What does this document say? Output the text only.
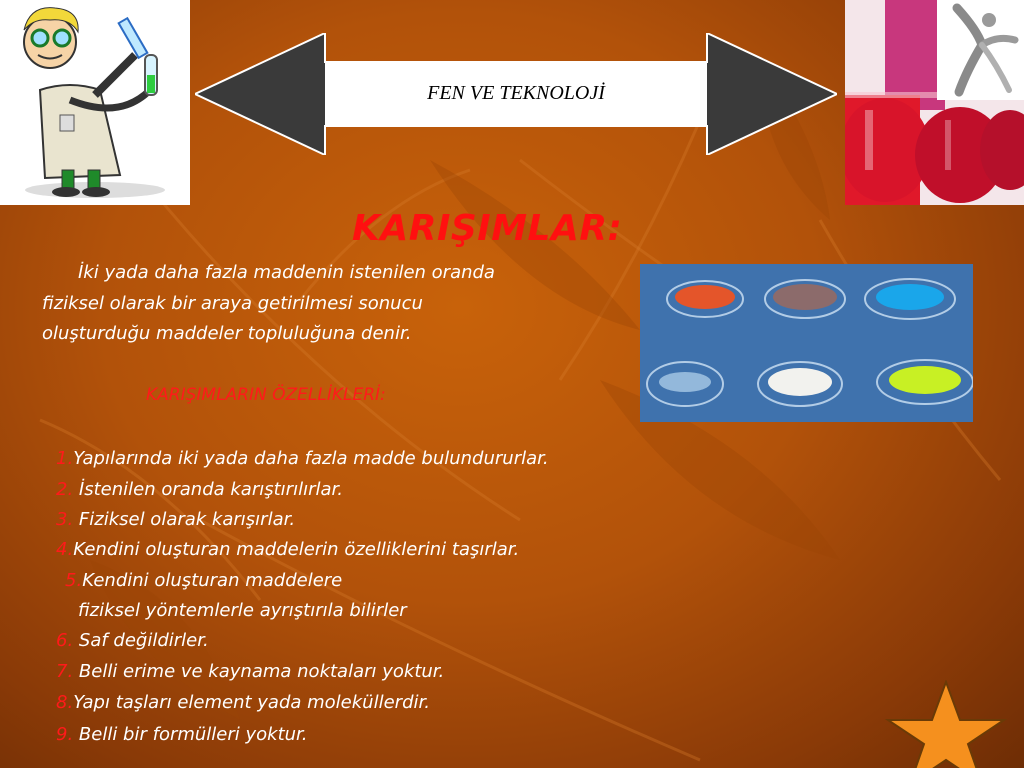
FEN VE TEKNOLOJİ
KARIŞIMLAR:
İki yada daha fazla maddenin istenilen oranda
fiziksel olarak bir araya getirilmesi sonucu
oluşturduğu maddeler topluluğuna denir.
KARIŞIMLARIN ÖZELLİKLERİ:
1.Yapılarında iki yada daha fazla madde bulundururlar.
2. İstenilen oranda karıştırılırlar.
3. Fiziksel olarak karışırlar.
4.Kendini oluşturan maddelerin özelliklerini taşırlar.
5.Kendini oluşturan maddelere
fiziksel yöntemlerle ayrıştırıla bilirler
6. Saf değildirler.
7. Belli erime ve kaynama noktaları yoktur.
8.Yapı taşları element yada moleküllerdir.
9. Belli bir formülleri yoktur.
